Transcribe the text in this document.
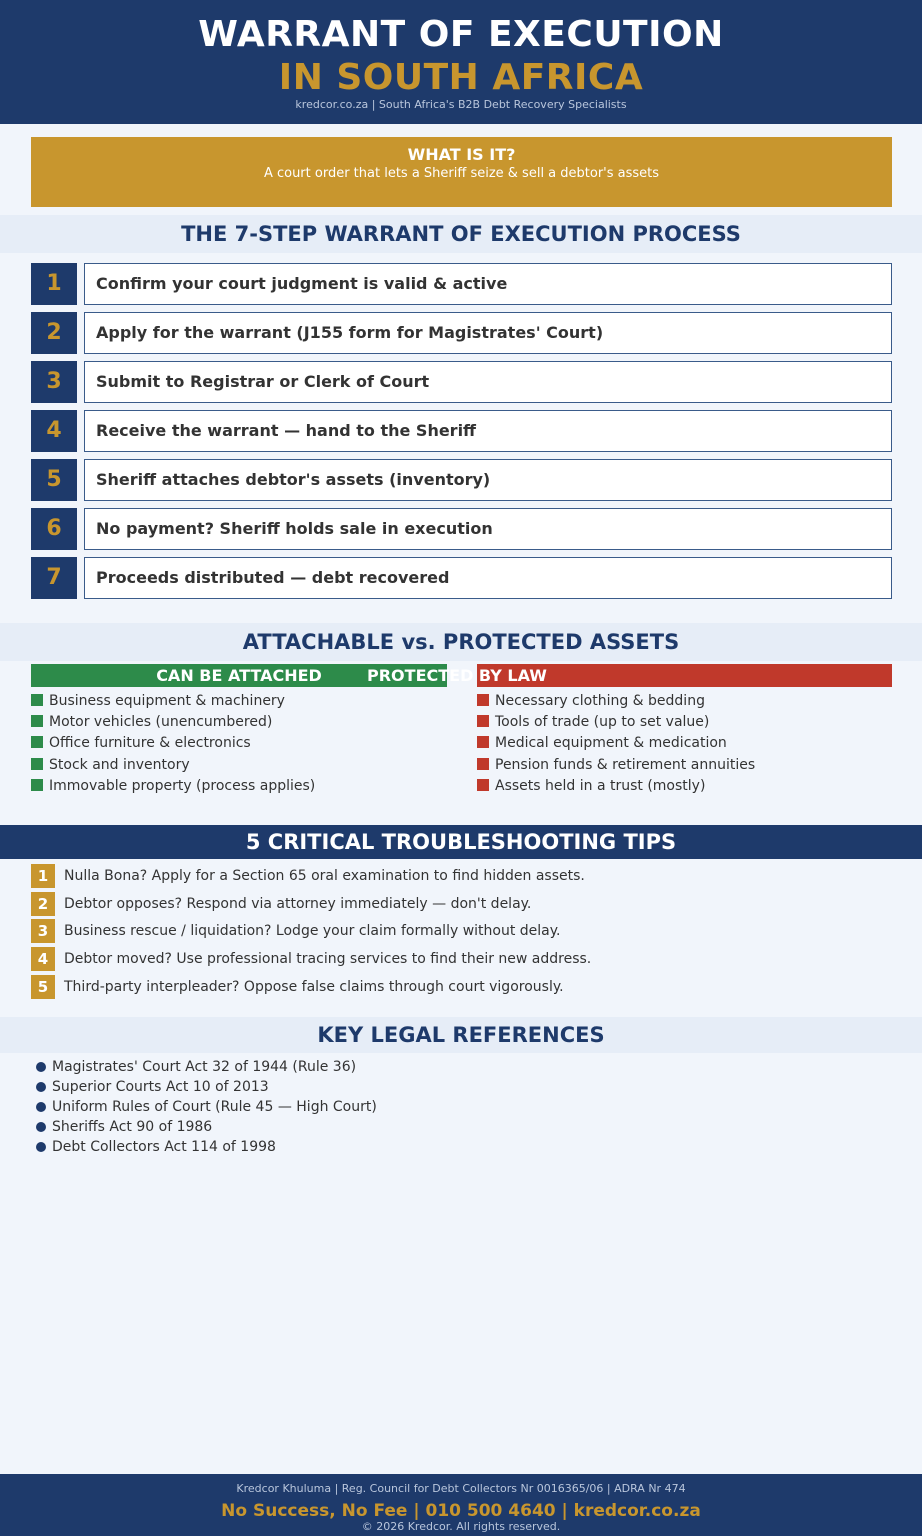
WARRANT OF EXECUTION
IN SOUTH AFRICA
kredcor.co.za | South Africa's B2B Debt Recovery Specialists
WHAT IS IT?
A court order that lets a Sheriff seize & sell a debtor's assets
THE 7-STEP WARRANT OF EXECUTION PROCESS
1	Confirm your court judgment is valid & active
2	Apply for the warrant (J155 form for Magistrates' Court)
3	Submit to Registrar or Clerk of Court
4	Receive the warrant — hand to the Sheriff
5	Sheriff attaches debtor's assets (inventory)
6	No payment? Sheriff holds sale in execution
7	Proceeds distributed — debt recovered
ATTACHABLE vs. PROTECTED ASSETS
CAN BE ATTACHED	PROTECTED BY LAW
Business equipment & machinery
Motor vehicles (unencumbered)
Office furniture & electronics
Stock and inventory
Immovable property (process applies)
Necessary clothing & bedding
Tools of trade (up to set value)
Medical equipment & medication
Pension funds & retirement annuities
Assets held in a trust (mostly)
5 CRITICAL TROUBLESHOOTING TIPS
1	Nulla Bona? Apply for a Section 65 oral examination to find hidden assets.
2	Debtor opposes? Respond via attorney immediately — don't delay.
3	Business rescue / liquidation? Lodge your claim formally without delay.
4	Debtor moved? Use professional tracing services to find their new address.
5	Third-party interpleader? Oppose false claims through court vigorously.
KEY LEGAL REFERENCES
Magistrates' Court Act 32 of 1944 (Rule 36)
Superior Courts Act 10 of 2013
Uniform Rules of Court (Rule 45 — High Court)
Sheriffs Act 90 of 1986
Debt Collectors Act 114 of 1998
Kredcor Khuluma | Reg. Council for Debt Collectors Nr 0016365/06 | ADRA Nr 474
No Success, No Fee | 010 500 4640 | kredcor.co.za
© 2026 Kredcor. All rights reserved.
